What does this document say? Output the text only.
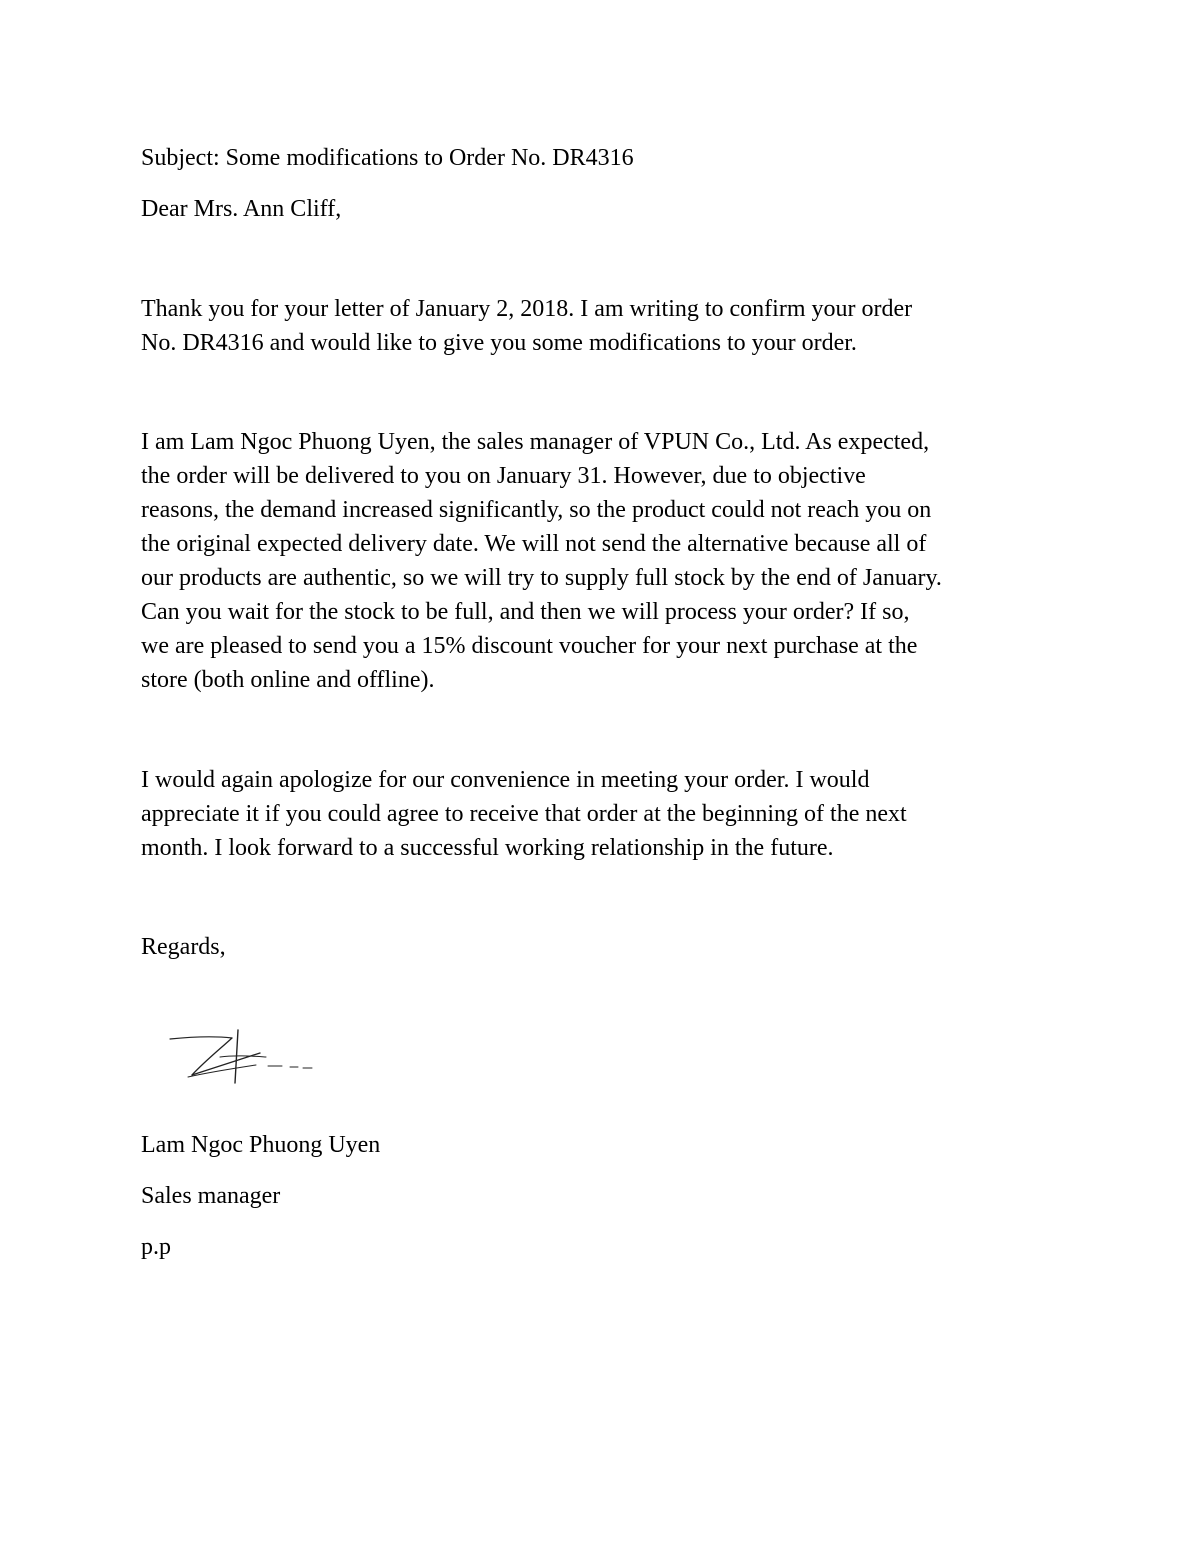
Subject: Some modifications to Order No. DR4316
Dear Mrs. Ann Cliff,

Thank you for your letter of January 2, 2018. I am writing to confirm your order

No. DR4316 and would like to give you some modifications to your order.

I am Lam Ngoc Phuong Uyen, the sales manager of VPUN Co., Ltd. As expected,

the order will be delivered to you on January 31. However, due to objective

reasons, the demand increased significantly, so the product could not reach you on

the original expected delivery date. We will not send the alternative because all of

our products are authentic, so we will try to supply full stock by the end of January.

Can you wait for the stock to be full, and then we will process your order? If so,

we are pleased to send you a 15% discount voucher for your next purchase at the

store (both online and offline).

I would again apologize for our convenience in meeting your order. I would

appreciate it if you could agree to receive that order at the beginning of the next

month. I look forward to a successful working relationship in the future.

Regards,
Lam Ngoc Phuong Uyen
Sales manager
p.p
